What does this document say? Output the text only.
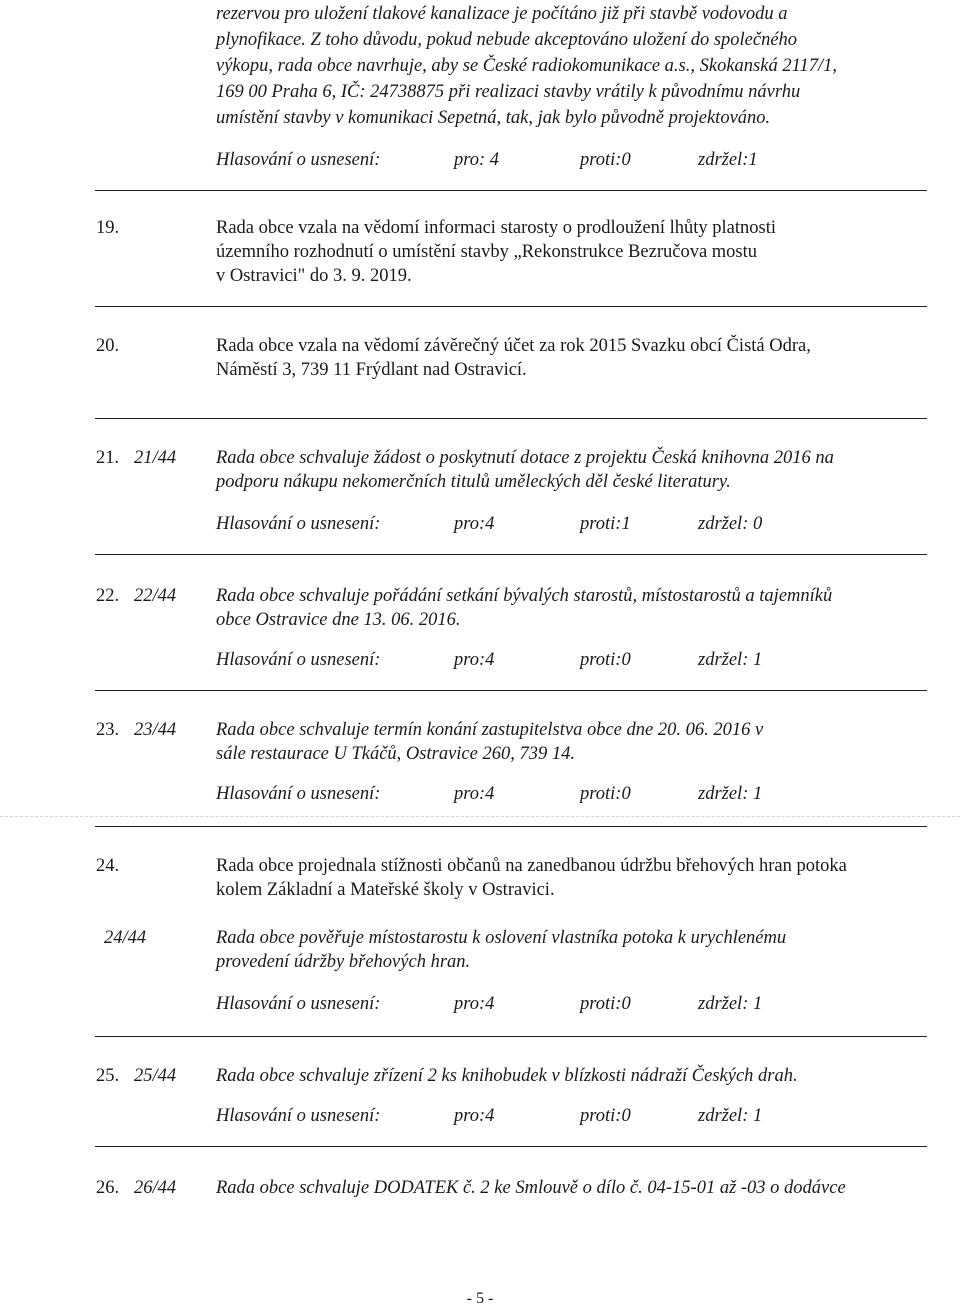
rezervou pro uložení tlakové kanalizace je počítáno již při stavbě vodovodu a
plynofikace. Z toho důvodu, pokud nebude akceptováno uložení do společného
výkopu, rada obce navrhuje, aby se České radiokomunikace a.s., Skokanská 2117/1,
169 00 Praha 6, IČ: 24738875 při realizaci stavby vrátily k původnímu návrhu
umístění stavby v komunikaci Sepetná, tak, jak bylo původně projektováno.
Hlasování o usnesení:	pro: 4	proti:0	zdržel:1
19.	Rada obce vzala na vědomí informaci starosty o prodloužení lhůty platnosti
územního rozhodnutí o umístění stavby „Rekonstrukce Bezručova mostu
v Ostravici" do 3. 9. 2019.
20.	Rada obce vzala na vědomí závěrečný účet za rok 2015 Svazku obcí Čistá Odra,
Náměstí 3, 739 11 Frýdlant nad Ostravicí.
21. 21/44 Rada obce schvaluje žádost o poskytnutí dotace z projektu Česká knihovna 2016 na
podporu nákupu nekomerčních titulů uměleckých děl české literatury.
Hlasování o usnesení:	pro:4	proti:1	zdržel: 0
22. 22/44 Rada obce schvaluje pořádání setkání bývalých starostů, místostarostů a tajemníků
obce Ostravice dne 13. 06. 2016.
Hlasování o usnesení:	pro:4	proti:0	zdržel: 1
23. 23/44 Rada obce schvaluje termín konání zastupitelstva obce dne 20. 06. 2016 v
sále restaurace U Tkáčů, Ostravice 260, 739 14.
Hlasování o usnesení:	pro:4	proti:0	zdržel: 1
24.	Rada obce projednala stížnosti občanů na zanedbanou údržbu břehových hran potoka
kolem Základní a Mateřské školy v Ostravici.
24/44	Rada obce pověřuje místostarostu k oslovení vlastníka potoka k urychlenému
provedení údržby břehových hran.
Hlasování o usnesení:	pro:4	proti:0	zdržel: 1
25. 25/44 Rada obce schvaluje zřízení 2 ks knihobudek v blízkosti nádraží Českých drah.
Hlasování o usnesení:	pro:4	proti:0	zdržel: 1
26. 26/44 Rada obce schvaluje DODATEK č. 2 ke Smlouvě o dílo č. 04-15-01 až -03 o dodávce
- 5 -
